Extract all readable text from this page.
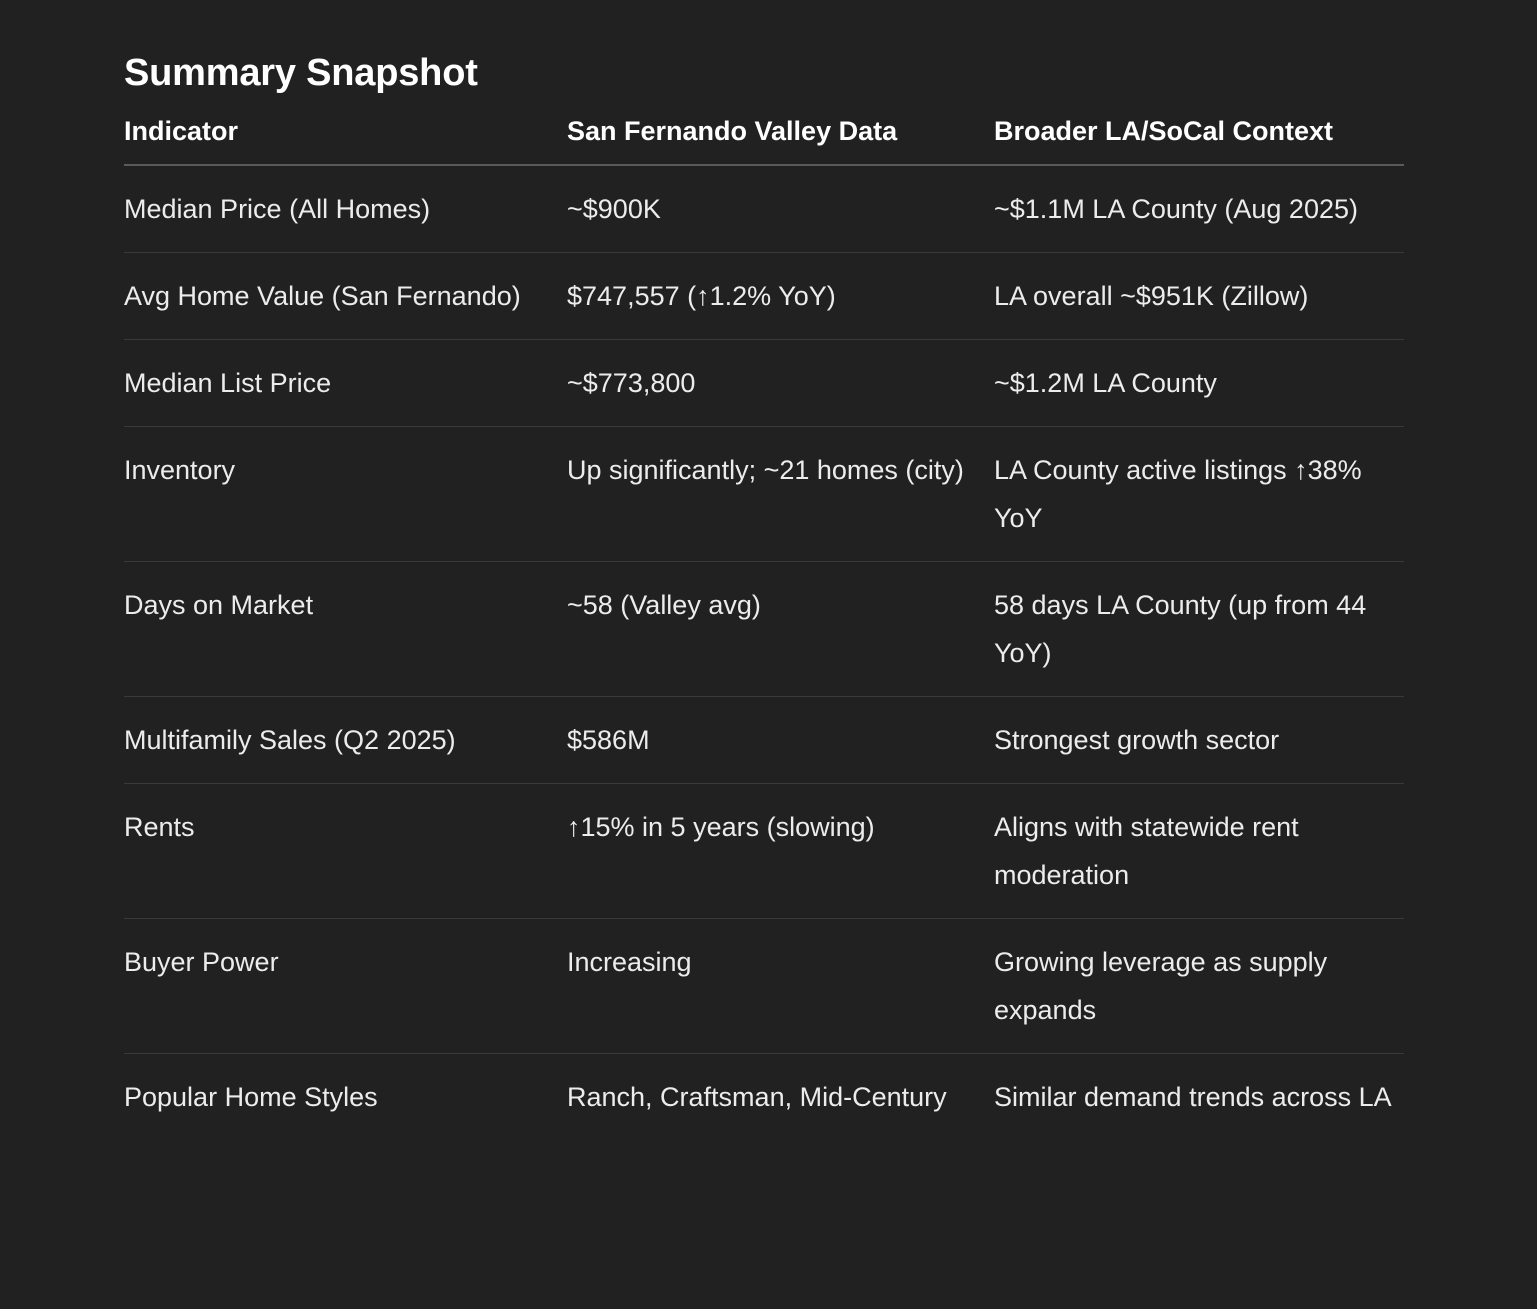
Summary Snapshot
Indicator	San Fernando Valley Data	Broader LA/SoCal Context
Median Price (All Homes)	~$900K	~$1.1M LA County (Aug 2025)
Avg Home Value (San Fernando)	$747,557 (↑1.2% YoY)	LA overall ~$951K (Zillow)
Median List Price	~$773,800	~$1.2M LA County
Inventory	Up significantly; ~21 homes (city)	LA County active listings ↑38% YoY
Days on Market	~58 (Valley avg)	58 days LA County (up from 44 YoY)
Multifamily Sales (Q2 2025)	$586M	Strongest growth sector
Rents	↑15% in 5 years (slowing)	Aligns with statewide rent moderation
Buyer Power	Increasing	Growing leverage as supply expands
Popular Home Styles	Ranch, Craftsman, Mid-Century	Similar demand trends across LA
